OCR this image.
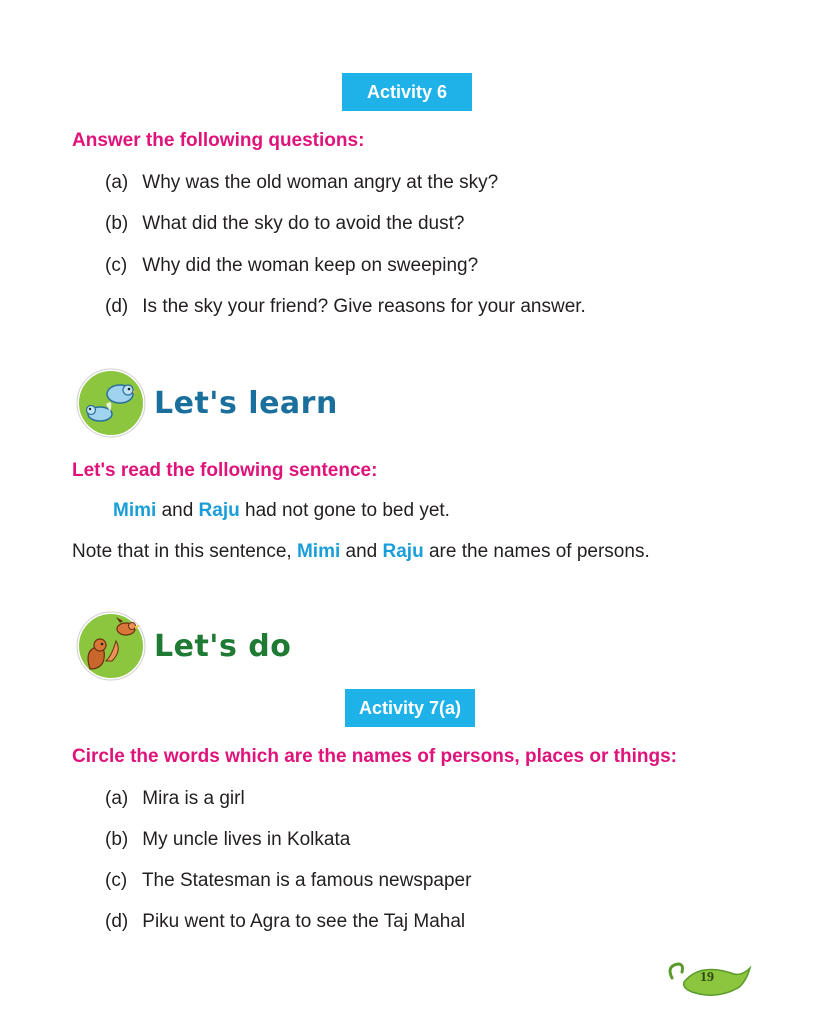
Activity 6
Answer the following questions:
(a) Why was the old woman angry at the sky?
(b) What did the sky do to avoid the dust?
(c) Why did the woman keep on sweeping?
(d) Is the sky your friend? Give reasons for your answer.
Let's learn
Let's read the following sentence:
Mimi and Raju had not gone to bed yet.
Note that in this sentence, Mimi and Raju are the names of persons.
Let's do
Activity 7(a)
Circle the words which are the names of persons, places or things:
(a) Mira is a girl
(b) My uncle lives in Kolkata
(c) The Statesman is a famous newspaper
(d) Piku went to Agra to see the Taj Mahal
19
